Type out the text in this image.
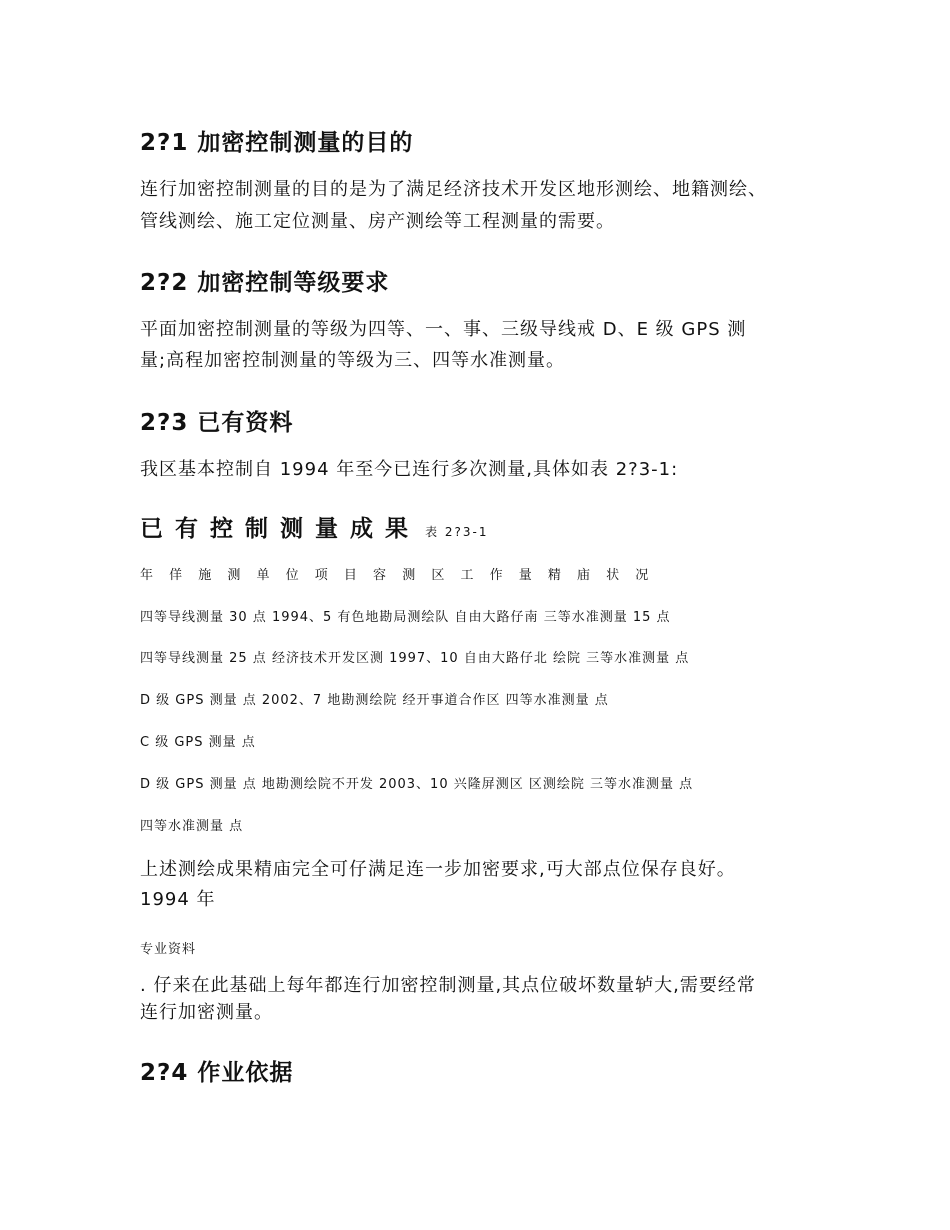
2?1 加密控制测量的目的
连行加密控制测量的目的是为了满足经济技术开发区地形测绘、地籍测绘、
管线测绘、施工定位测量、房产测绘等工程测量的需要。
2?2 加密控制等级要求
平面加密控制测量的等级为四等、一、事、三级导线戒 D、E 级 GPS 测
量;高程加密控制测量的等级为三、四等水准测量。
2?3 已有资料
我区基本控制自 1994 年至今已连行多次测量,具体如表 2?3-1:
已有控制测量成果 表 2?3-1
年 佯 施 测 单 位 项 目 容 测 区 工 作 量 精 庙 状 况
四等导线测量 30 点 1994、5 有色地勘局测绘队 自由大路仔南 三等水准测量 15 点
四等导线测量 25 点 经济技术开发区测 1997、10 自由大路仔北 绘院 三等水准测量 点
D 级 GPS 测量 点 2002、7 地勘测绘院 经开事道合作区 四等水准测量 点
C 级 GPS 测量 点
D 级 GPS 测量 点 地勘测绘院不开发 2003、10 兴隆屏测区 区测绘院 三等水准测量 点
四等水准测量 点
上述测绘成果精庙完全可仔满足连一步加密要求,丏大部点位保存良好。
1994 年
专业资料
. 仔来在此基础上每年都连行加密控制测量,其点位破坏数量轳大,需要经常
连行加密测量。
2?4 作业依据
